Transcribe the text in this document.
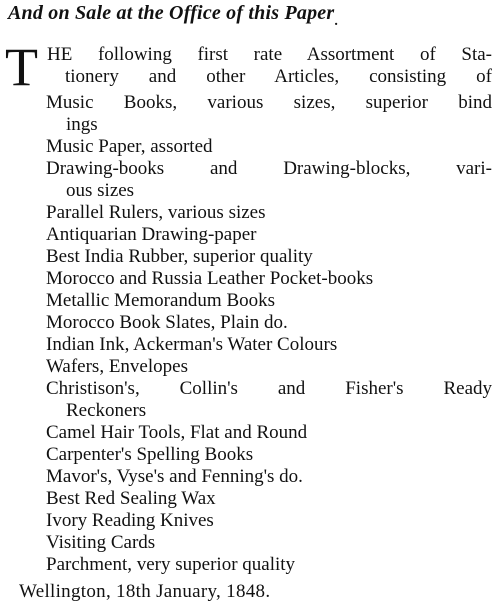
And on Sale at the Office of this Paper$_.$
T HE following first rate Assortment of Sta-
tionery and other Articles, consisting of
Music Books, various sizes, superior bind
ings
Music Paper, assorted
Drawing-books and Drawing-blocks, vari-
ous sizes
Parallel Rulers, various sizes
Antiquarian Drawing-paper
Best India Rubber, superior quality
Morocco and Russia Leather Pocket-books
Metallic Memorandum Books
Morocco Book Slates, Plain do.
Indian Ink, Ackerman's Water Colours
Wafers, Envelopes
Christison's, Collin's and Fisher's Ready
Reckoners
Camel Hair Tools, Flat and Round
Carpenter's Spelling Books
Mavor's, Vyse's and Fenning's do.
Best Red Sealing Wax
Ivory Reading Knives
Visiting Cards
Parchment, very superior quality
Wellington, 18th January, 1848.
